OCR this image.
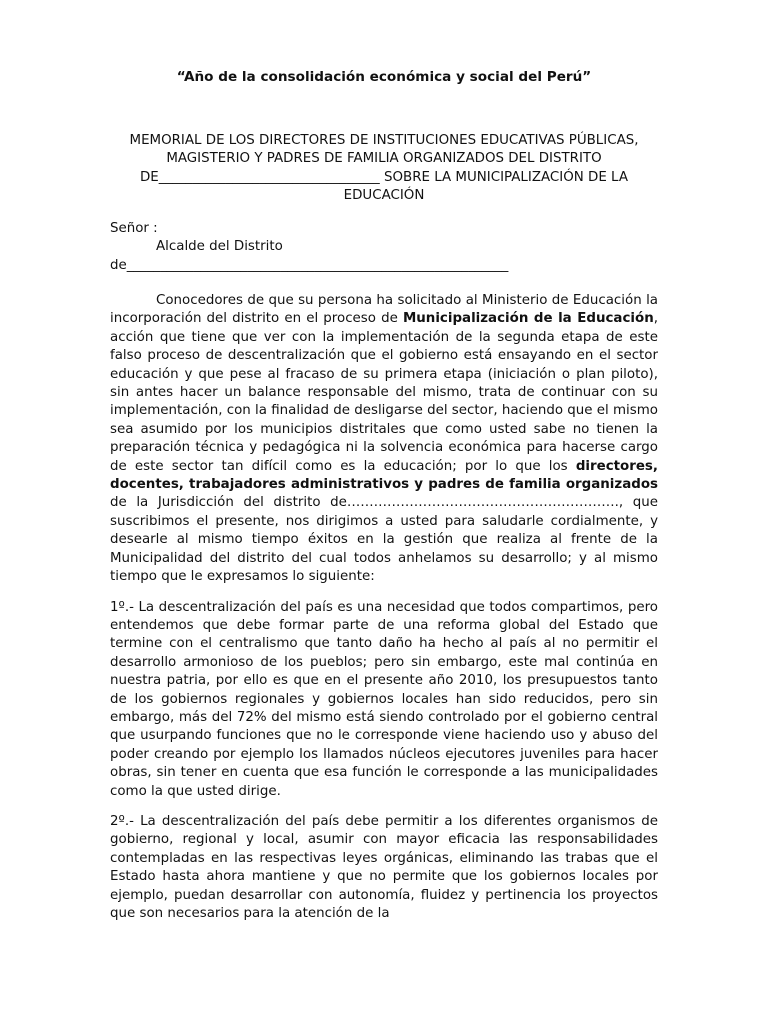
“Año de la consolidación económica y social del Perú”
MEMORIAL DE LOS DIRECTORES DE INSTITUCIONES EDUCATIVAS PÚBLICAS,
MAGISTERIO Y PADRES DE FAMILIA ORGANIZADOS DEL DISTRITO
DE_________________________________ SOBRE LA MUNICIPALIZACIÓN DE LA
EDUCACIÓN
Señor :
Alcalde del Distrito
de_________________________________________________________

Conocedores de que su persona ha solicitado al Ministerio de Educación la incorporación del distrito en el proceso de Municipalización de la Educación, acción que tiene que ver con la implementación de la segunda etapa de este falso proceso de descentralización que el gobierno está ensayando en el sector educación y que pese al fracaso de su primera etapa (iniciación o plan piloto), sin antes hacer un balance responsable del mismo, trata de continuar con su implementación, con la finalidad de desligarse del sector, haciendo que el mismo sea asumido por los municipios distritales que como usted sabe no tienen la preparación técnica y pedagógica ni la solvencia económica para hacerse cargo de este sector tan difícil como es la educación; por lo que los directores, docentes, trabajadores administrativos y padres de familia organizados de la Jurisdicción del distrito de……………………………………………………., que suscribimos el presente, nos dirigimos a usted para saludarle cordialmente, y desearle al mismo tiempo éxitos en la gestión que realiza al frente de la Municipalidad del distrito del cual todos anhelamos su desarrollo; y al mismo tiempo que le expresamos lo siguiente:

1º.- La descentralización del país es una necesidad que todos compartimos, pero entendemos que debe formar parte de una reforma global del Estado que termine con el centralismo que tanto daño ha hecho al país al no permitir el desarrollo armonioso de los pueblos; pero sin embargo, este mal continúa en nuestra patria, por ello es que en el presente año 2010, los presupuestos tanto de los gobiernos regionales y gobiernos locales han sido reducidos, pero sin embargo, más del 72% del mismo está siendo controlado por el gobierno central que usurpando funciones que no le corresponde viene haciendo uso y abuso del poder creando por ejemplo los llamados núcleos ejecutores juveniles para hacer obras, sin tener en cuenta que esa función le corresponde a las municipalidades como la que usted dirige.

2º.- La descentralización del país debe permitir a los diferentes organismos de gobierno, regional y local, asumir con mayor eficacia las responsabilidades contempladas en las respectivas leyes orgánicas, eliminando las trabas que el Estado hasta ahora mantiene y que no permite que los gobiernos locales por ejemplo, puedan desarrollar con autonomía, fluidez y pertinencia los proyectos que son necesarios para la atención de la
